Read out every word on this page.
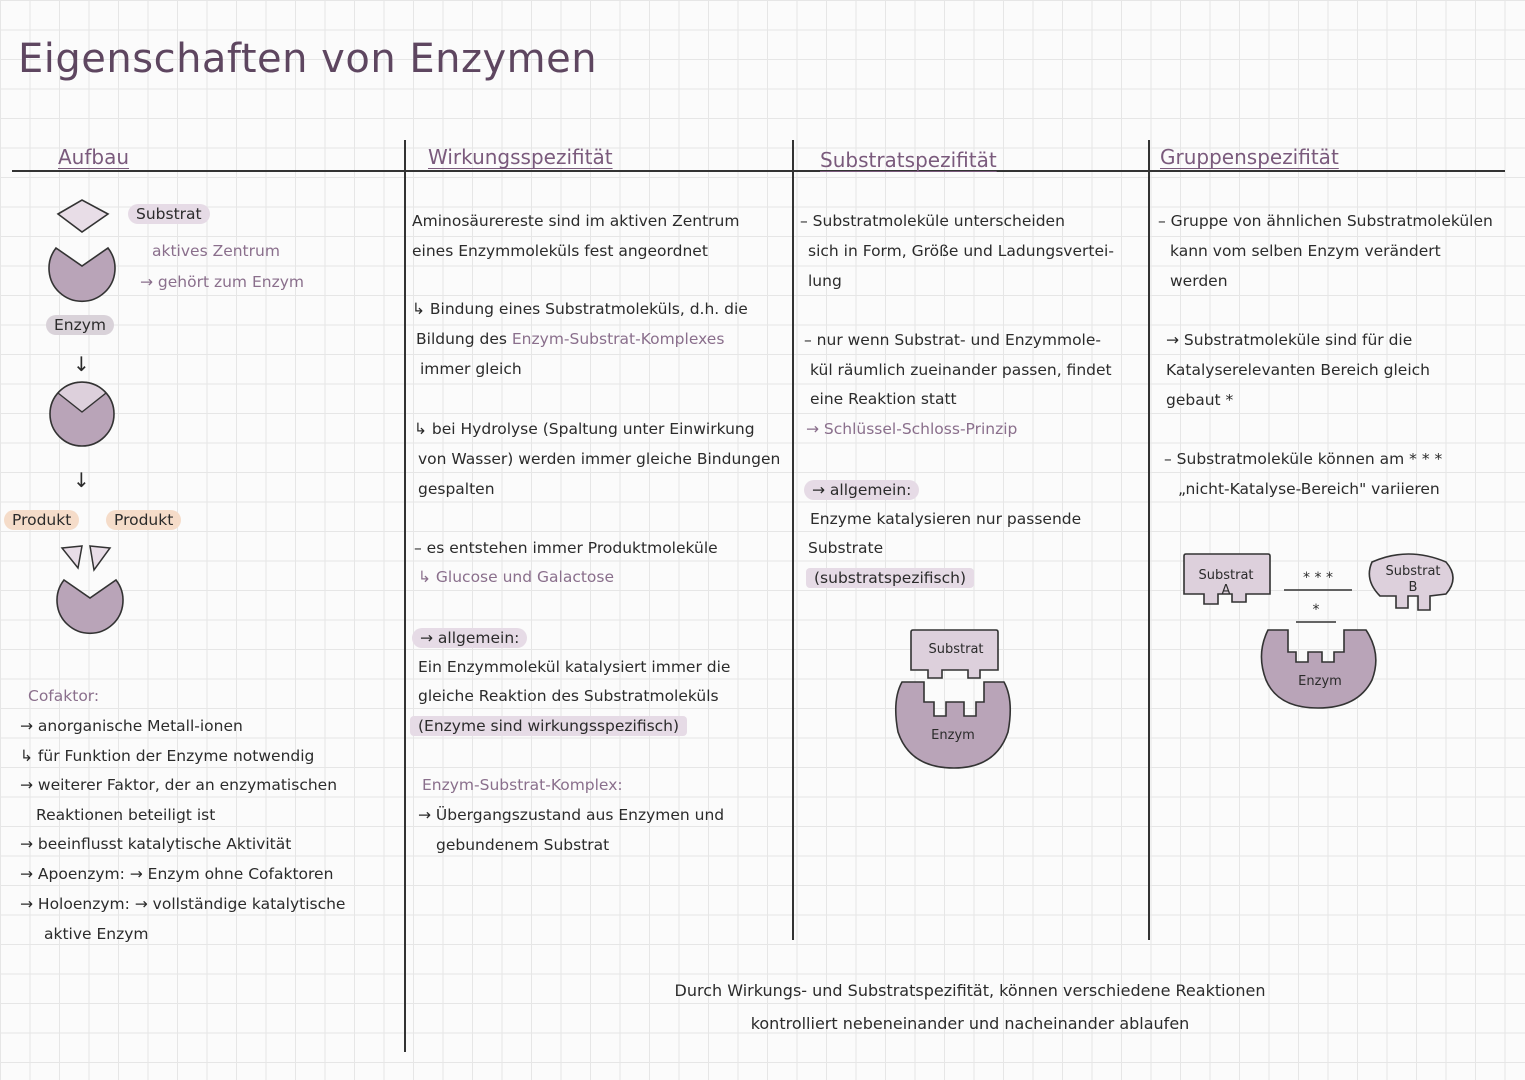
Eigenschaften von Enzymen
Aufbau	Wirkungsspezifität	Substratspezifität	Gruppenspezifität
Substrat
aktives Zentrum
→ gehört zum Enzym
Enzym
↓
↓
Produkt	Produkt
Cofaktor:
→ anorganische Metall-ionen
↳ für Funktion der Enzyme notwendig
→ weiterer Faktor, der an enzymatischen
Reaktionen beteiligt ist
→ beeinflusst katalytische Aktivität
→ Apoenzym: → Enzym ohne Cofaktoren
→ Holoenzym: → vollständige katalytische
aktive Enzym
Aminosäurereste sind im aktiven Zentrum
eines Enzymmoleküls fest angeordnet
↳ Bindung eines Substratmoleküls, d.h. die
Bildung des Enzym-Substrat-Komplexes
immer gleich
↳ bei Hydrolyse (Spaltung unter Einwirkung
von Wasser) werden immer gleiche Bindungen
gespalten
– es entstehen immer Produktmoleküle
↳ Glucose und Galactose
→ allgemein:
Ein Enzymmolekül katalysiert immer die
gleiche Reaktion des Substratmoleküls
(Enzyme sind wirkungsspezifisch)
Enzym-Substrat-Komplex:
→ Übergangszustand aus Enzymen und
gebundenem Substrat
– Substratmoleküle unterscheiden
sich in Form, Größe und Ladungsvertei-
lung
– nur wenn Substrat- und Enzymmole-
kül räumlich zueinander passen, findet
eine Reaktion statt
→ Schlüssel-Schloss-Prinzip
→ allgemein:
Enzyme katalysieren nur passende
Substrate
(substratspezifisch)
Substrat
Enzym
– Gruppe von ähnlichen Substratmolekülen
kann vom selben Enzym verändert
werden
→ Substratmoleküle sind für die
Katalyserelevanten Bereich gleich
gebaut *
– Substratmoleküle können am * * *
„nicht-Katalyse-Bereich" variieren
Substrat
A
Substrat
B
* * *
*
Enzym
Durch Wirkungs- und Substratspezifität, können verschiedene Reaktionen
kontrolliert nebeneinander und nacheinander ablaufen
